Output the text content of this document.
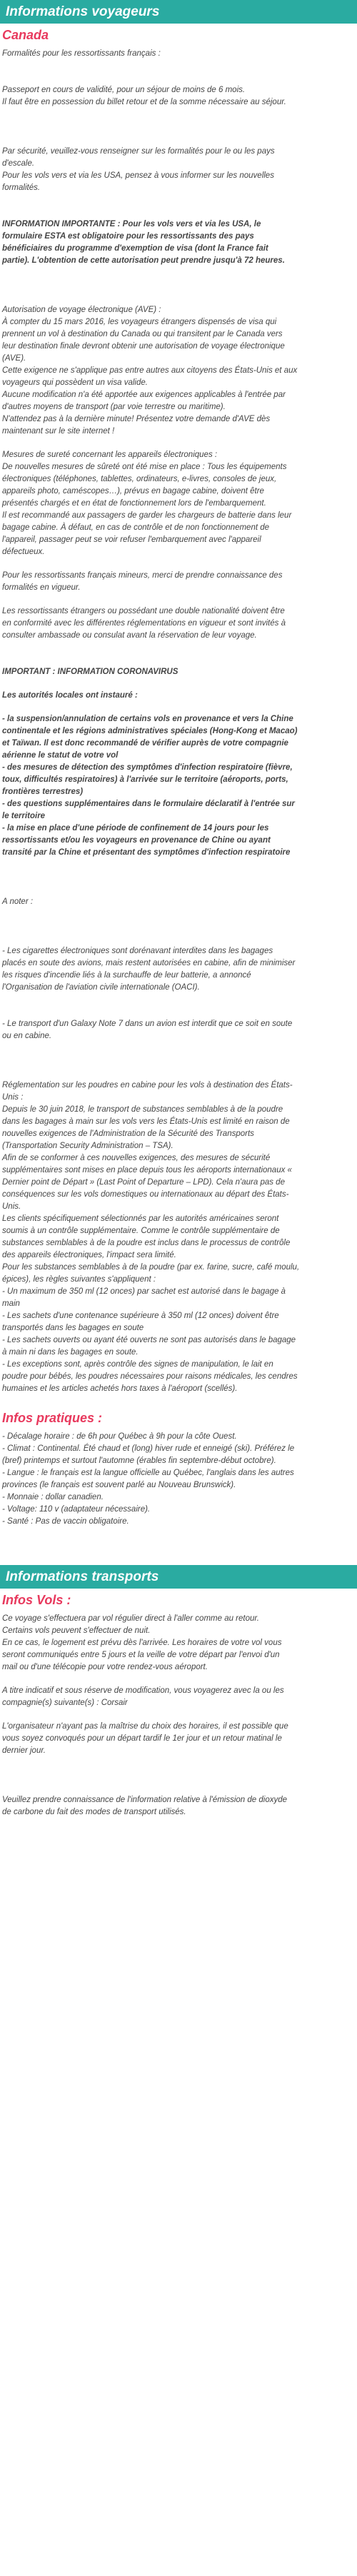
Informations voyageurs
Canada

Formalités pour les ressortissants français :

Passeport en cours de validité, pour un séjour de moins de 6 mois.

Il faut être en possession du billet retour et de la somme nécessaire au séjour.

Par sécurité, veuillez-vous renseigner sur les formalités pour le ou les pays

d'escale.

Pour les vols vers et via les USA, pensez à vous informer sur les nouvelles

formalités.

INFORMATION IMPORTANTE : Pour les vols vers et via les USA, le

formulaire ESTA est obligatoire pour les ressortissants des pays

bénéficiaires du programme d'exemption de visa (dont la France fait

partie). L'obtention de cette autorisation peut prendre jusqu'à 72 heures.

Autorisation de voyage électronique (AVE) :

À compter du 15 mars 2016, les voyageurs étrangers dispensés de visa qui

prennent un vol à destination du Canada ou qui transitent par le Canada vers

leur destination finale devront obtenir une autorisation de voyage électronique

(AVE).

Cette exigence ne s'applique pas entre autres aux citoyens des États-Unis et aux

voyageurs qui possèdent un visa valide.

Aucune modification n'a été apportée aux exigences applicables à l'entrée par

d'autres moyens de transport (par voie terrestre ou maritime).

N'attendez pas à la dernière minute! Présentez votre demande d'AVE dès

maintenant sur le site internet !

Mesures de sureté concernant les appareils électroniques :

De nouvelles mesures de sûreté ont été mise en place : Tous les équipements

électroniques (téléphones, tablettes, ordinateurs, e-livres, consoles de jeux,

appareils photo, caméscopes…), prévus en bagage cabine, doivent être

présentés chargés et en état de fonctionnement lors de l'embarquement.

Il est recommandé aux passagers de garder les chargeurs de batterie dans leur

bagage cabine. À défaut, en cas de contrôle et de non fonctionnement de

l'appareil, passager peut se voir refuser l'embarquement avec l'appareil

défectueux.

Pour les ressortissants français mineurs, merci de prendre connaissance des

formalités en vigueur.

Les ressortissants étrangers ou possédant une double nationalité doivent être

en conformité avec les différentes réglementations en vigueur et sont invités à

consulter ambassade ou consulat avant la réservation de leur voyage.

IMPORTANT : INFORMATION CORONAVIRUS

Les autorités locales ont instauré :

- la suspension/annulation de certains vols en provenance et vers la Chine

continentale et les régions administratives spéciales (Hong-Kong et Macao)

et Taïwan. Il est donc recommandé de vérifier auprès de votre compagnie

aérienne le statut de votre vol

- des mesures de détection des symptômes d'infection respiratoire (fièvre,

toux, difficultés respiratoires) à l'arrivée sur le territoire (aéroports, ports,

frontières terrestres)

- des questions supplémentaires dans le formulaire déclaratif à l'entrée sur

le territoire

- la mise en place d'une période de confinement de 14 jours pour les

ressortissants et/ou les voyageurs en provenance de Chine ou ayant

transité par la Chine et présentant des symptômes d'infection respiratoire

A noter :

- Les cigarettes électroniques sont dorénavant interdites dans les bagages

placés en soute des avions, mais restent autorisées en cabine, afin de minimiser

les risques d'incendie liés à la surchauffe de leur batterie, a annoncé

l'Organisation de l'aviation civile internationale (OACI).

- Le transport d'un Galaxy Note 7 dans un avion est interdit que ce soit en soute

ou en cabine.

Réglementation sur les poudres en cabine pour les vols à destination des États-

Unis :

Depuis le 30 juin 2018, le transport de substances semblables à de la poudre

dans les bagages à main sur les vols vers les États-Unis est limité en raison de

nouvelles exigences de l'Administration de la Sécurité des Transports

(Transportation Security Administration – TSA).

Afin de se conformer à ces nouvelles exigences, des mesures de sécurité

supplémentaires sont mises en place depuis tous les aéroports internationaux «

Dernier point de Départ » (Last Point of Departure – LPD). Cela n'aura pas de

conséquences sur les vols domestiques ou internationaux au départ des États-

Unis.

Les clients spécifiquement sélectionnés par les autorités américaines seront

soumis à un contrôle supplémentaire. Comme le contrôle supplémentaire de

substances semblables à de la poudre est inclus dans le processus de contrôle

des appareils électroniques, l'impact sera limité.

Pour les substances semblables à de la poudre (par ex. farine, sucre, café moulu,

épices), les règles suivantes s'appliquent :

- Un maximum de 350 ml (12 onces) par sachet est autorisé dans le bagage à

main

- Les sachets d'une contenance supérieure à 350 ml (12 onces) doivent être

transportés dans les bagages en soute

- Les sachets ouverts ou ayant été ouverts ne sont pas autorisés dans le bagage

à main ni dans les bagages en soute.

- Les exceptions sont, après contrôle des signes de manipulation, le lait en

poudre pour bébés, les poudres nécessaires pour raisons médicales, les cendres

humaines et les articles achetés hors taxes à l'aéroport (scellés).

Infos pratiques :

- Décalage horaire : de 6h pour Québec à 9h pour la côte Ouest.

- Climat : Continental. Été chaud et (long) hiver rude et enneigé (ski). Préférez le

(bref) printemps et surtout l'automne (érables fin septembre-début octobre).

- Langue : le français est la langue officielle au Québec, l'anglais dans les autres

provinces (le français est souvent parlé au Nouveau Brunswick).

- Monnaie : dollar canadien.

- Voltage: 110 v (adaptateur nécessaire).

- Santé : Pas de vaccin obligatoire.

Informations transports
Infos Vols :

Ce voyage s'effectuera par vol régulier direct à l'aller comme au retour.

Certains vols peuvent s'effectuer de nuit.

En ce cas, le logement est prévu dès l'arrivée. Les horaires de votre vol vous

seront communiqués entre 5 jours et la veille de votre départ par l'envoi d'un

mail ou d'une télécopie pour votre rendez-vous aéroport.

A titre indicatif et sous réserve de modification, vous voyagerez avec la ou les

compagnie(s) suivante(s) : Corsair

L'organisateur n'ayant pas la maîtrise du choix des horaires, il est possible que

vous soyez convoqués pour un départ tardif le 1er jour et un retour matinal le

dernier jour.

Veuillez prendre connaissance de l'information relative à l'émission de dioxyde

de carbone du fait des modes de transport utilisés.
